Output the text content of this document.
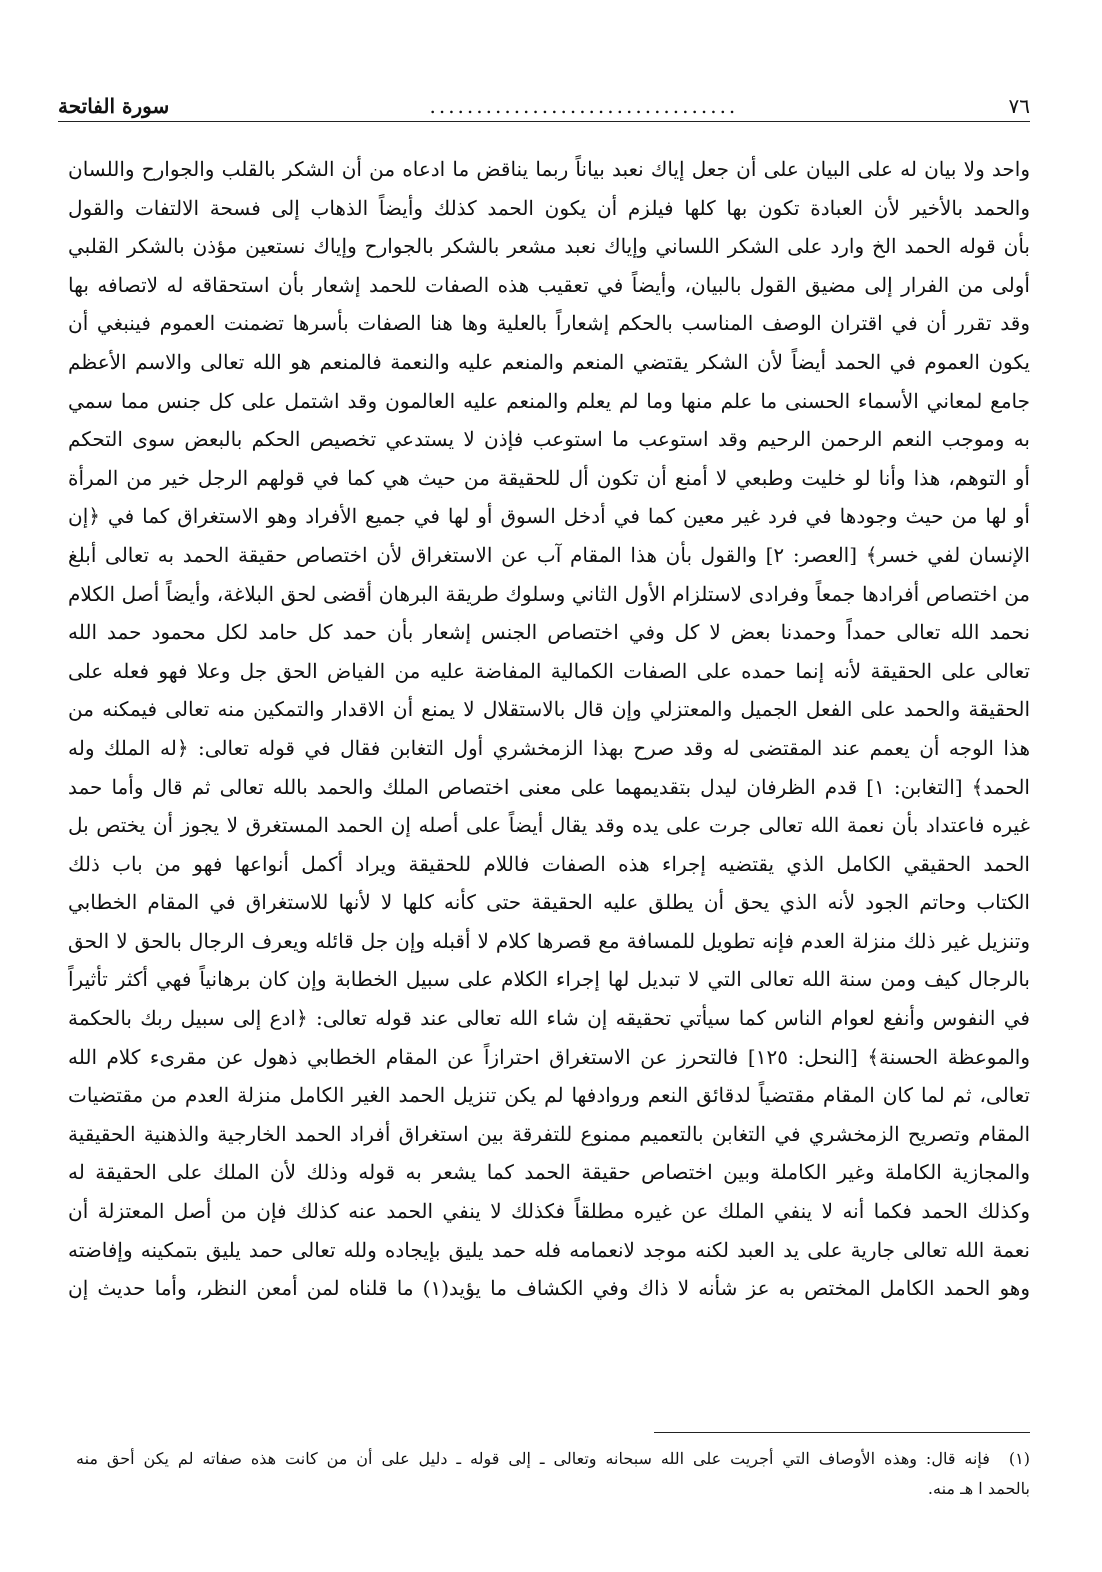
٧٦
.................................
سورة الفاتحة
واحد ولا بيان له على البيان على أن جعل إياك نعبد بياناً ربما يناقض ما ادعاه من أن الشكر بالقلب والجوارح واللسان
والحمد بالأخير لأن العبادة تكون بها كلها فيلزم أن يكون الحمد كذلك وأيضاً الذهاب إلى فسحة الالتفات والقول
بأن قوله الحمد الخ وارد على الشكر اللساني وإياك نعبد مشعر بالشكر بالجوارح وإياك نستعين مؤذن بالشكر القلبي
أولى من الفرار إلى مضيق القول بالبيان، وأيضاً في تعقيب هذه الصفات للحمد إشعار بأن استحقاقه له لاتصافه بها
وقد تقرر أن في اقتران الوصف المناسب بالحكم إشعاراً بالعلية وها هنا الصفات بأسرها تضمنت العموم فينبغي أن
يكون العموم في الحمد أيضاً لأن الشكر يقتضي المنعم والمنعم عليه والنعمة فالمنعم هو الله تعالى والاسم الأعظم
جامع لمعاني الأسماء الحسنى ما علم منها وما لم يعلم والمنعم عليه العالمون وقد اشتمل على كل جنس مما سمي
به وموجب النعم الرحمن الرحيم وقد استوعب ما استوعب فإذن لا يستدعي تخصيص الحكم بالبعض سوى التحكم
أو التوهم، هذا وأنا لو خليت وطبعي لا أمنع أن تكون أل للحقيقة من حيث هي كما في قولهم الرجل خير من المرأة
أو لها من حيث وجودها في فرد غير معين كما في أدخل السوق أو لها في جميع الأفراد وهو الاستغراق كما في ﴿إن
الإنسان لفي خسر﴾ [العصر: ٢] والقول بأن هذا المقام آب عن الاستغراق لأن اختصاص حقيقة الحمد به تعالى أبلغ
من اختصاص أفرادها جمعاً وفرادى لاستلزام الأول الثاني وسلوك طريقة البرهان أقضى لحق البلاغة، وأيضاً أصل الكلام
نحمد الله تعالى حمداً وحمدنا بعض لا كل وفي اختصاص الجنس إشعار بأن حمد كل حامد لكل محمود حمد الله
تعالى على الحقيقة لأنه إنما حمده على الصفات الكمالية المفاضة عليه من الفياض الحق جل وعلا فهو فعله على
الحقيقة والحمد على الفعل الجميل والمعتزلي وإن قال بالاستقلال لا يمنع أن الاقدار والتمكين منه تعالى فيمكنه من
هذا الوجه أن يعمم عند المقتضى له وقد صرح بهذا الزمخشري أول التغابن فقال في قوله تعالى: ﴿له الملك وله
الحمد﴾ [التغابن: ١] قدم الظرفان ليدل بتقديمهما على معنى اختصاص الملك والحمد بالله تعالى ثم قال وأما حمد
غيره فاعتداد بأن نعمة الله تعالى جرت على يده وقد يقال أيضاً على أصله إن الحمد المستغرق لا يجوز أن يختص بل
الحمد الحقيقي الكامل الذي يقتضيه إجراء هذه الصفات فاللام للحقيقة ويراد أكمل أنواعها فهو من باب ذلك
الكتاب وحاتم الجود لأنه الذي يحق أن يطلق عليه الحقيقة حتى كأنه كلها لا لأنها للاستغراق في المقام الخطابي
وتنزيل غير ذلك منزلة العدم فإنه تطويل للمسافة مع قصرها كلام لا أقبله وإن جل قائله ويعرف الرجال بالحق لا الحق
بالرجال كيف ومن سنة الله تعالى التي لا تبديل لها إجراء الكلام على سبيل الخطابة وإن كان برهانياً فهي أكثر تأثيراً
في النفوس وأنفع لعوام الناس كما سيأتي تحقيقه إن شاء الله تعالى عند قوله تعالى: ﴿ادع إلى سبيل ربك بالحكمة
والموعظة الحسنة﴾ [النحل: ١٢٥] فالتحرز عن الاستغراق احترازاً عن المقام الخطابي ذهول عن مقرىء كلام الله
تعالى، ثم لما كان المقام مقتضياً لدقائق النعم وروادفها لم يكن تنزيل الحمد الغير الكامل منزلة العدم من مقتضيات
المقام وتصريح الزمخشري في التغابن بالتعميم ممنوع للتفرقة بين استغراق أفراد الحمد الخارجية والذهنية الحقيقية
والمجازية الكاملة وغير الكاملة وبين اختصاص حقيقة الحمد كما يشعر به قوله وذلك لأن الملك على الحقيقة له
وكذلك الحمد فكما أنه لا ينفي الملك عن غيره مطلقاً فكذلك لا ينفي الحمد عنه كذلك فإن من أصل المعتزلة أن
نعمة الله تعالى جارية على يد العبد لكنه موجد لانعمامه فله حمد يليق بإيجاده ولله تعالى حمد يليق بتمكينه وإفاضته
وهو الحمد الكامل المختص به عز شأنه لا ذاك وفي الكشاف ما يؤيد(١) ما قلناه لمن أمعن النظر، وأما حديث إن
(١) فإنه قال: وهذه الأوصاف التي أجريت على الله سبحانه وتعالى ـ إلى قوله ـ دليل على أن من كانت هذه صفاته لم يكن أحق منه
بالحمد ا هـ منه.
